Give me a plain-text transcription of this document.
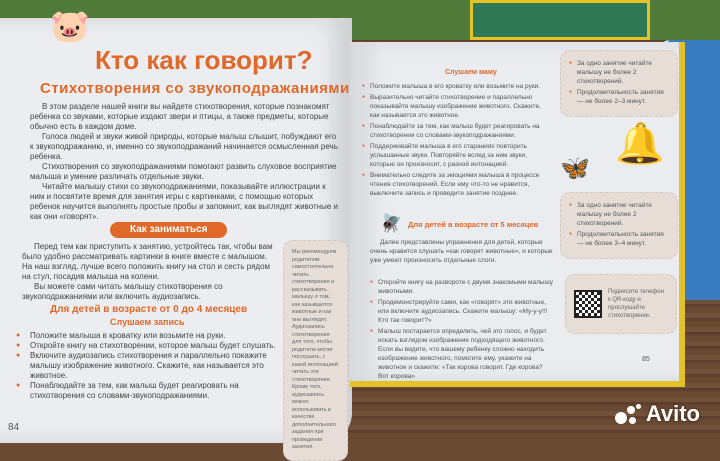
Слушаем маму
● Положите малыша в его кроватку или возьмите на руки.
● Выразительно читайте стихотворение и параллельно показывайте малышу изображение животного. Скажите, как называется это животное.
● Понаблюдайте за тем, как малыш будет реагировать на стихотворения со словами-звукоподражаниями.
● Поддерживайте малыша в его стараниях повторить услышанные звуки. Повторяйте вслед за ним звуки, которые он произносит, с разной интонацией.
● Внимательно следите за эмоциями малыша в процессе чтения стихотворений. Если ему что-то не нравится, выключите запись и проведите занятие позднее.
● За одно занятие читайте малышу не более 2 стихотворений.
● Продолжительность занятия — не более 2–3 минут.
🔔
🦋
🪰 Для детей в возрасте от 5 месяцев
● За одно занятие читайте малышу не более 2 стихотворений.
● Продолжительность занятия — не более 3–4 минут.
Далее представлены упражнения для детей, которые очень нравится слушать «как говорят животные», и которые уже умеют произносить отдельные слоги.
● Откройте книгу на развороте с двумя знакомыми малышу животными.
● Продемонстрируйте сами, как «говорят» эти животные, или включите аудиозапись. Скажите малышу: «Му-у-у!!! Кто так говорит?»
● Малыш постарается определить, чей это голос, и будет искать взглядом изображение подходящего животного. Если вы видите, что вашему ребенку сложно находить изображение животного, помогите ему, укажите на животное и скажите: «Так корова говорит. Где корова? Вот корова»
Поднесите телефон к QR-коду и прослушайте стихотворение.
85
🐷
Кто как говорит?
Стихотворения со звукоподражаниями

В этом разделе нашей книги вы найдете стихотворения, которые познакомят ребенка со звуками, которые издают звери и птицы, а также предметы, которые обычно есть в каждом доме.

Голоса людей и звуки живой природы, которые малыш слышит, побуждают его к звукоподражанию, и, именно со звукоподражаний начинается осмысленная речь ребенка.

Стихотворения со звукоподражаниями помогают развить слуховое восприятие малыша и умение различать отдельные звуки.

Читайте малышу стихи со звукоподражаниями, показывайте иллюстрации к ним и посвятите время для занятия игры с картинками, с помощью которых ребенок научится выполнять простые пробы и запомнит, как выглядят животные и как они «говорят».

Как заниматься

Перед тем как приступить к занятию, устройтесь так, чтобы вам было удобно рассматривать картинки в книге вместе с малышом. На наш взгляд, лучше всего положить книгу на стол и сесть рядом на стул, посадив малыша на колени.

Вы можете сами читать малышу стихотворения со звукоподражаниями или включить аудиозапись.

Для детей в возрасте от 0 до 4 месяцев
Слушаем запись
● Положите малыша в кроватку или возьмите на руки.
● Откройте книгу на стихотворении, которое малыш будет слушать.
● Включите аудиозапись стихотворения и параллельно покажите малышу изображение животного. Скажите, как называется это животное.
● Понаблюдайте за тем, как малыш будет реагировать на стихотворения со словами-звукоподражаниями.
Мы рекомендуем родителям самостоятельно читать стихотворения и рассказывать малышу о том, как называются животные и как они выглядят. Аудиозапись стихотворения для того, чтобы родители могли послушать, с какой интонацией читать эти стихотворения. Кроме того, аудиозапись можно использовать в качестве дополнительного задания при проведении занятия.
84
Avito
